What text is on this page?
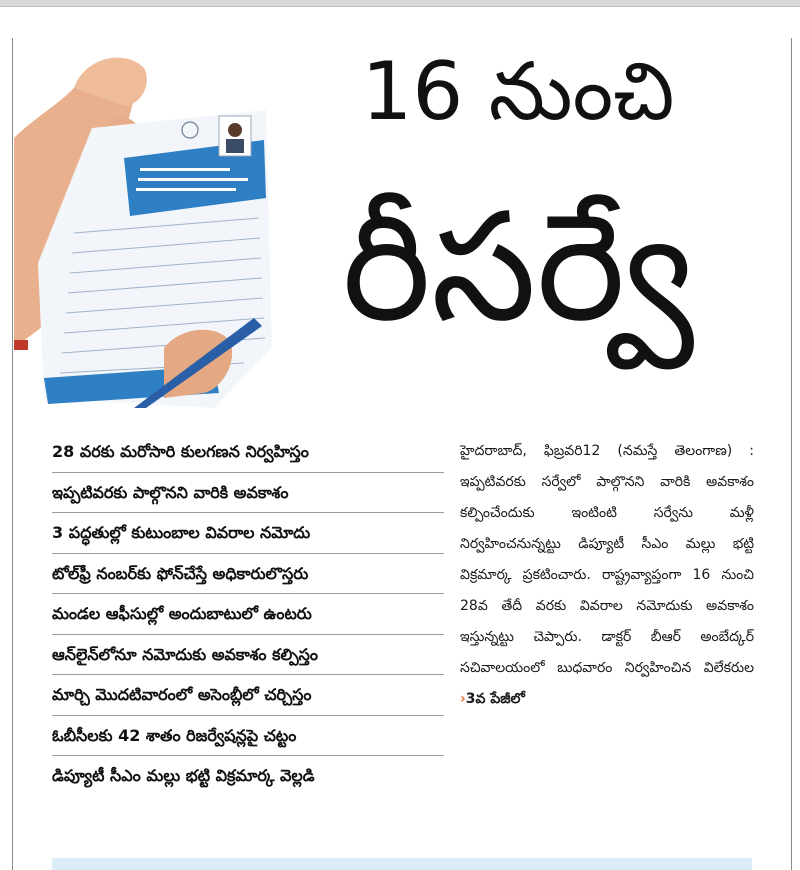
16 నుంచి
రీసర్వే
28 వరకు మరోసారి కులగణన నిర్వహిస్తం
ఇప్పటివరకు పాల్గొనని వారికి అవకాశం
3 పద్ధతుల్లో కుటుంబాల వివరాల నమోదు
టోల్‌ఫ్రీ నంబర్‌కు ఫోన్‌చేస్తే అధికారులొస్తరు
మండల ఆఫీసుల్లో అందుబాటులో ఉంటరు
ఆన్‌లైన్‌లోనూ నమోదుకు అవకాశం కల్పిస్తం
మార్చి మొదటివారంలో అసెంబ్లీలో చర్చిస్తం
ఓబీసీలకు 42 శాతం రిజర్వేషన్లపై చట్టం
డిప్యూటీ సీఎం మల్లు భట్టి విక్రమార్క వెల్లడి
హైదరాబాద్, ఫిబ్రవరి12 (నమస్తే తెలంగాణ) : ఇప్పటివరకు సర్వేలో పాల్గొనని వారికి అవకాశం కల్పించేందుకు ఇంటింటి సర్వేను మళ్లీ నిర్వహించనున్నట్టు డిప్యూటీ సీఎం మల్లు భట్టి విక్రమార్క ప్రకటించారు. రాష్ట్రవ్యాప్తంగా 16 నుంచి 28వ తేదీ వరకు వివరాల నమోదుకు అవకాశం ఇస్తున్నట్టు చెప్పారు. డాక్టర్ బీఆర్ అంబేద్కర్ సచివాలయంలో బుధవారం నిర్వహించిన విలేకరుల ›3వ పేజీలో
